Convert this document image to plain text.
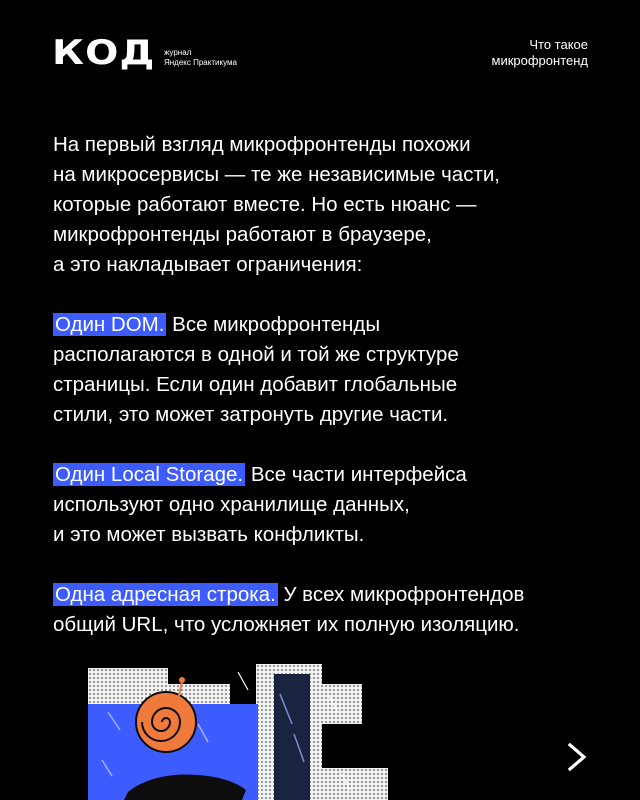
КОД журнал
Яндекс Практикума
Что такое
микрофронтенд
На первый взгляд микрофронтенды похожи
на микросервисы — те же независимые части,
которые работают вместе. Но есть нюанс —
микрофронтенды работают в браузере,
а это накладывает ограничения:
Один DOM. Все микрофронтенды
располагаются в одной и той же структуре
страницы. Если один добавит глобальные
стили, это может затронуть другие части.
Один Local Storage. Все части интерфейса
используют одно хранилище данных,
и это может вызвать конфликты.
Одна адресная строка. У всех микрофронтендов
общий URL, что усложняет их полную изоляцию.
